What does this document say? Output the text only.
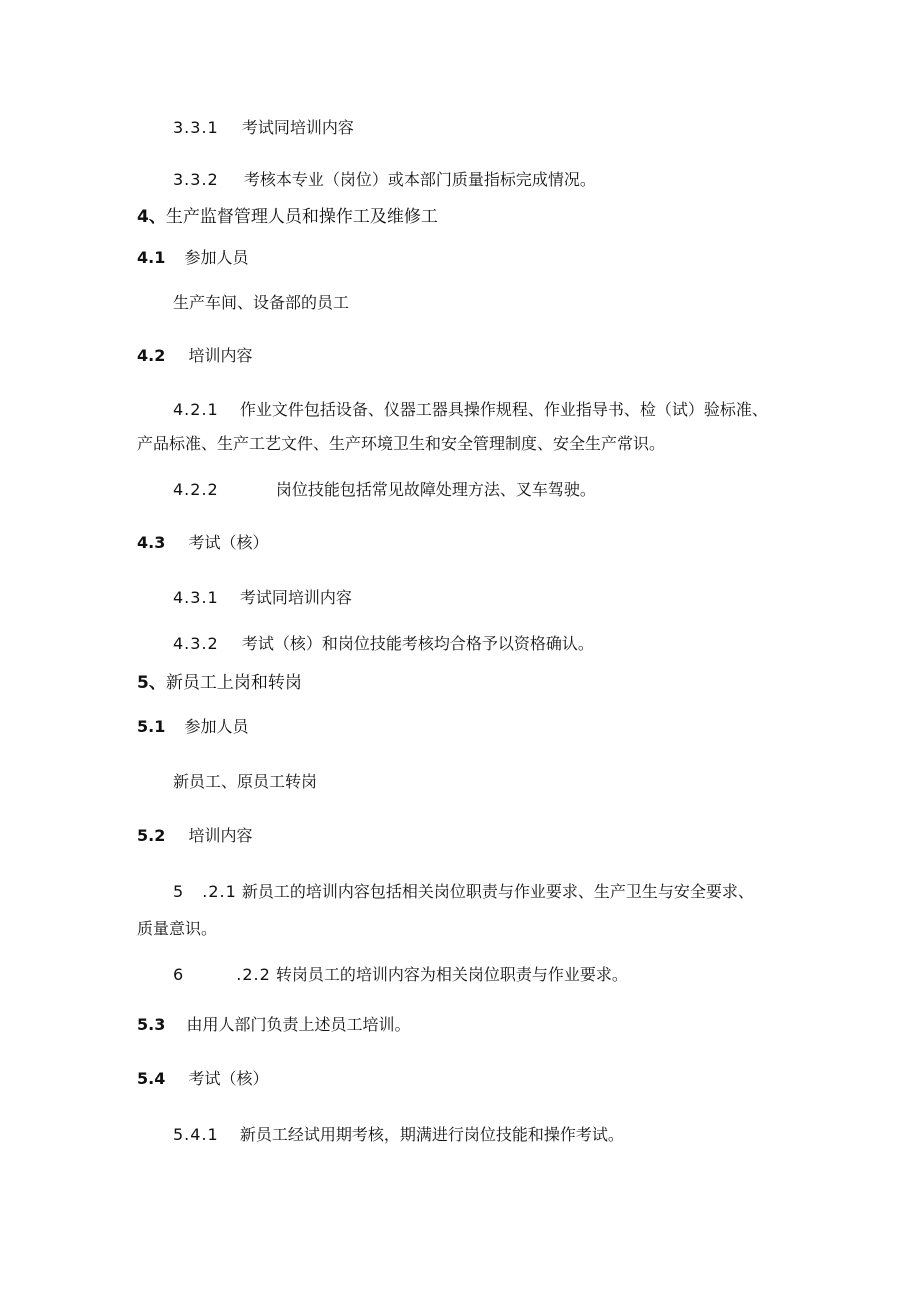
3.3.1 考试同培训内容
3.3.2 考核本专业（岗位）或本部门质量指标完成情况。
4、生产监督管理人员和操作工及维修工
4.1 参加人员
生产车间、设备部的员工
4.2 培训内容
4.2.1 作业文件包括设备、仪器工器具操作规程、作业指导书、检（试）验标准、
产品标准、生产工艺文件、生产环境卫生和安全管理制度、安全生产常识。
4.2.2	岗位技能包括常见故障处理方法、叉车驾驶。
4.3 考试（核）
4.3.1 考试同培训内容
4.3.2 考试（核）和岗位技能考核均合格予以资格确认。
5、新员工上岗和转岗
5.1 参加人员
新员工、原员工转岗
5.2 培训内容
5 .2.1 新员工的培训内容包括相关岗位职责与作业要求、生产卫生与安全要求、
质量意识。
6	.2.2 转岗员工的培训内容为相关岗位职责与作业要求。
5.3 由用人部门负责上述员工培训。
5.4 考试（核）
5.4.1 新员工经试用期考核，期满进行岗位技能和操作考试。
